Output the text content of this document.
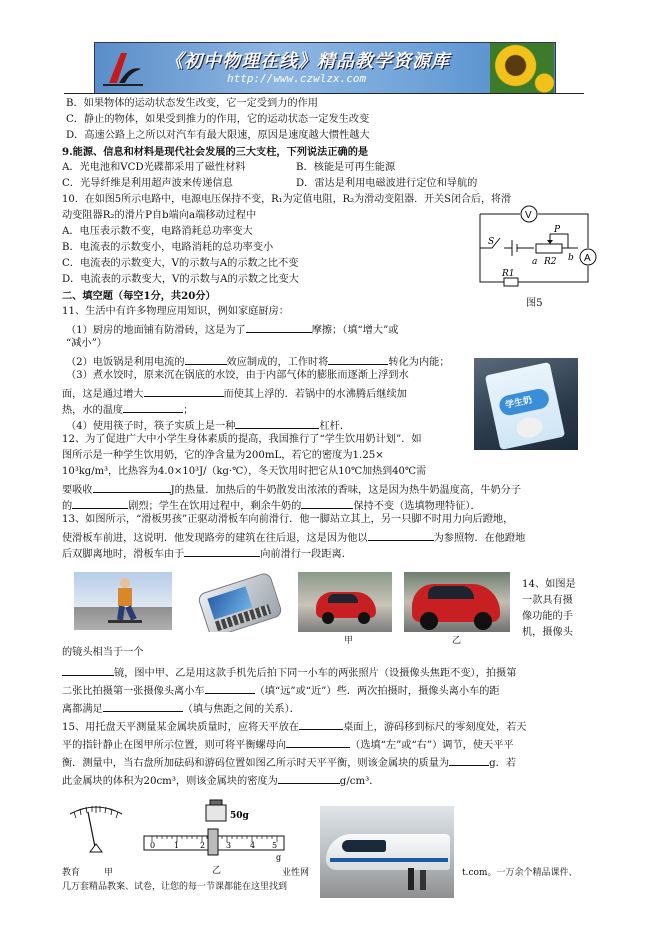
《初中物理在线》精品教学资源库
http://www.czwlzx.com
B．如果物体的运动状态发生改变，它一定受到力的作用
C．静止的物体，如果受到推力的作用，它的运动状态一定发生改变
D．高速公路上之所以对汽车有最大限速，原因是速度越大惯性越大
9.能源、信息和材料是现代社会发展的三大支柱，下列说法正确的是
A．光电池和VCD光碟都采用了磁性材料	B．核能是可再生能源
C．光导纤维是利用超声波来传递信息	D．雷达是利用电磁波进行定位和导航的
10．在如图5所示电路中，电源电压保持不变，R₁为定值电阻，R₂为滑动变阻器．开关S闭合后，将滑
动变阻器R₂的滑片P自b端向a端移动过程中
A．电压表示数不变，电路消耗总功率变大
B．电流表的示数变小，电路消耗的总功率变小
C．电流表的示数变大，V的示数与A的示数之比不变
D．电流表的示数变大，V的示数与A的示数之比变大
V
A
S
P
a R2 b
R1
图5
二、填空题（每空1分，共20分）
11、生活中有许多物理应用知识，例如家庭厨房：
（1）厨房的地面铺有防滑砖，这是为了	摩擦；（填“增大”或
“减小”）
（2）电饭锅是利用电流的	效应制成的，工作时将	转化为内能；
（3）煮水饺时，原来沉在锅底的水饺，由于内部气体的膨胀而逐渐上浮到水
面，这是通过增大	而使其上浮的．若锅中的水沸腾后继续加
热，水的温度	；
（4）使用筷子时，筷子实质上是一种	杠杆．
学生奶
12、为了促进广大中小学生身体素质的提高，我国推行了“学生饮用奶计划”．如
图所示是一种学生饮用奶，它的净含量为200mL，若它的密度为1.25×
10³kg/m³，比热容为4.0×10³J/（kg·℃），冬天饮用时把它从10℃加热到40℃需
要吸收	J的热量．加热后的牛奶散发出浓浓的香味，这是因为热牛奶温度高，牛奶分子
的	剧烈；学生在饮用过程中，剩余牛奶的	保持不变（选填物理特征）．
13、如图所示，“滑板男孩”正驱动滑板车向前滑行．他一脚站立其上，另一只脚不时用力向后蹬地，
使滑板车前进，这说明．他发现路旁的建筑在往后退，这是因为他以	为参照物．在他蹬地
后双脚离地时，滑板车由于	向前滑行一段距离．
甲	乙
14、如图是
一款具有摄
像功能的手
机，摄像头
的镜头相当于一个
镜，图中甲、乙是用这款手机先后拍下同一小车的两张照片（设摄像头焦距不变），拍摄第
二张比拍摄第一张摄像头离小车	（填“远”或“近”）些．两次拍摄时，摄像头离小车的距
离都满足	（填与焦距之间的关系）．
15、用托盘天平测量某金属块质量时，应将天平放在	桌面上，游码移到标尺的零刻度处，若天
平的指针静止在图甲所示位置，则可将平衡螺母向	（选填“左”或“右”）调节，使天平平
衡．测量中，当右盘所加砝码和游码位置如图乙所示时天平平衡，则该金属块的质量为	g．若
此金属块的体积为20cm³，则该金属块的密度为	g/cm³．
50g
0 1	2	3 4 5
g
乙
教育	甲	业性网	t.com。一万余个精品课件、
几万套精品教案、试卷，让您的每一节课都能在这里找到
